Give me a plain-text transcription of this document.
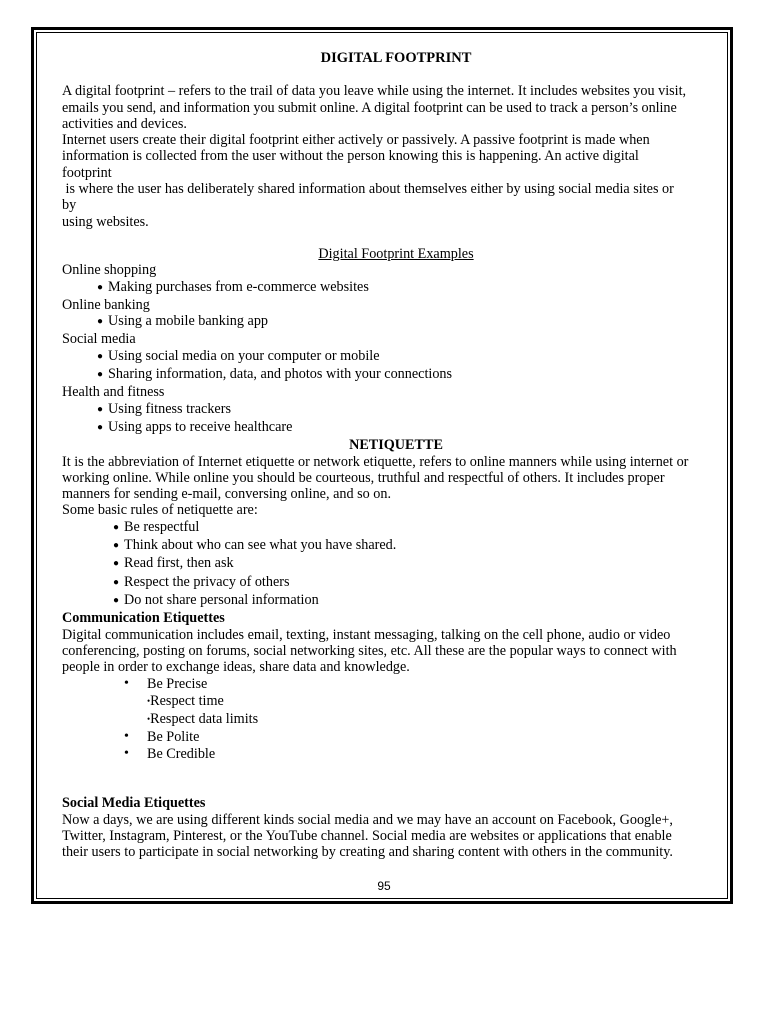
DIGITAL FOOTPRINT

A digital footprint – refers to the trail of data you leave while using the internet. It includes websites you visit,
emails you send, and information you submit online. A digital footprint can be used to track a person’s online
activities and devices.
Internet users create their digital footprint either actively or passively. A passive footprint is made when
information is collected from the user without the person knowing this is happening. An active digital
footprint
is where the user has deliberately shared information about themselves either by using social media sites or
by
using websites.
Digital Footprint Examples
Online shopping
● Making purchases from e-commerce websites
Online banking
● Using a mobile banking app
Social media
● Using social media on your computer or mobile
● Sharing information, data, and photos with your connections
Health and fitness
● Using fitness trackers
● Using apps to receive healthcare
NETIQUETTE
It is the abbreviation of Internet etiquette or network etiquette, refers to online manners while using internet or
working online. While online you should be courteous, truthful and respectful of others. It includes proper
manners for sending e-mail, conversing online, and so on.
Some basic rules of netiquette are:
● Be respectful
● Think about who can see what you have shared.
● Read first, then ask
● Respect the privacy of others
● Do not share personal information
Communication Etiquettes
Digital communication includes email, texting, instant messaging, talking on the cell phone, audio or video
conferencing, posting on forums, social networking sites, etc. All these are the popular ways to connect with
people in order to exchange ideas, share data and knowledge.
• Be Precise
• Respect time
• Respect data limits
• Be Polite
• Be Credible
Social Media Etiquettes
Now a days, we are using different kinds social media and we may have an account on Facebook, Google+,
Twitter, Instagram, Pinterest, or the YouTube channel. Social media are websites or applications that enable
their users to participate in social networking by creating and sharing content with others in the community.
95
